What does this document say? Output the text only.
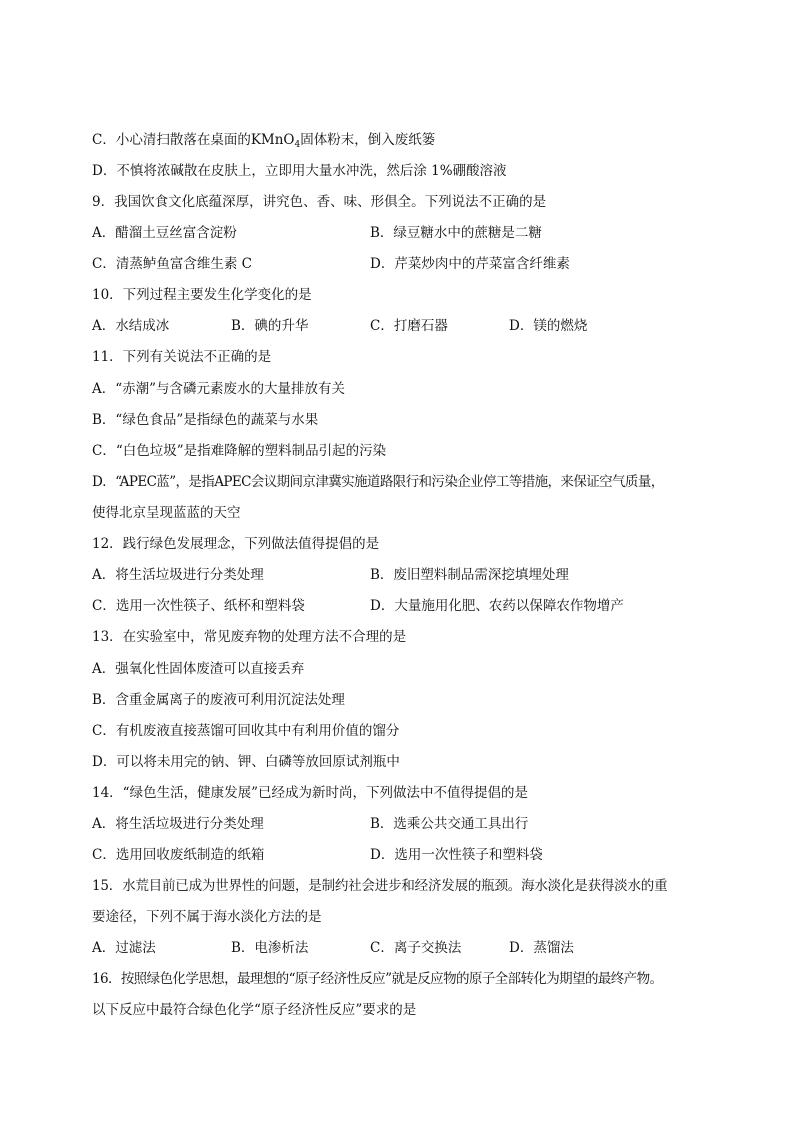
C．小心清扫散落在桌面的KMnO$_4$固体粉末，倒入废纸篓
D．不慎将浓碱散在皮肤上，立即用大量水冲洗，然后涂 1%硼酸溶液
9．我国饮食文化底蕴深厚，讲究色、香、味、形俱全。下列说法不正确的是
A．醋溜土豆丝富含淀粉	B．绿豆糖水中的蔗糖是二糖
C．清蒸鲈鱼富含维生素 C	D．芹菜炒肉中的芹菜富含纤维素
10．下列过程主要发生化学变化的是
A．水结成冰	B．碘的升华	C．打磨石器	D．镁的燃烧
11．下列有关说法不正确的是
A．“赤潮”与含磷元素废水的大量排放有关
B．“绿色食品”是指绿色的蔬菜与水果
C．“白色垃圾”是指难降解的塑料制品引起的污染
D．“APEC蓝”，是指APEC会议期间京津冀实施道路限行和污染企业停工等措施，来保证空气质量，
使得北京呈现蓝蓝的天空
12．践行绿色发展理念，下列做法值得提倡的是
A．将生活垃圾进行分类处理	B．废旧塑料制品需深挖填埋处理
C．选用一次性筷子、纸杯和塑料袋	D．大量施用化肥、农药以保障农作物增产
13．在实验室中，常见废弃物的处理方法不合理的是
A．强氧化性固体废渣可以直接丢弃
B．含重金属离子的废液可利用沉淀法处理
C．有机废液直接蒸馏可回收其中有利用价值的馏分
D．可以将未用完的钠、钾、白磷等放回原试剂瓶中
14．“绿色生活，健康发展”已经成为新时尚，下列做法中不值得提倡的是
A．将生活垃圾进行分类处理	B．选乘公共交通工具出行
C．选用回收废纸制造的纸箱	D．选用一次性筷子和塑料袋
15．水荒目前已成为世界性的问题，是制约社会进步和经济发展的瓶颈。海水淡化是获得淡水的重
要途径，下列不属于海水淡化方法的是
A．过滤法	B．电渗析法	C．离子交换法	D．蒸馏法
16．按照绿色化学思想，最理想的“原子经济性反应”就是反应物的原子全部转化为期望的最终产物。
以下反应中最符合绿色化学“原子经济性反应”要求的是
